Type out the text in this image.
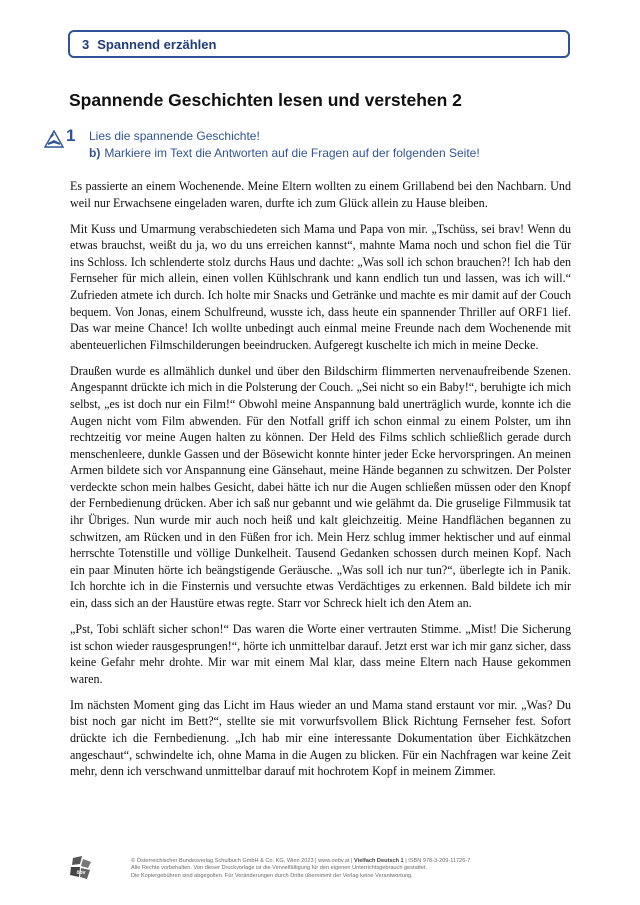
3 Spannend erzählen
Spannende Geschichten lesen und verstehen 2
1 Lies die spannende Geschichte!
b) Markiere im Text die Antworten auf die Fragen auf der folgenden Seite!

Es passierte an einem Wochenende. Meine Eltern wollten zu einem Grillabend bei den Nachbarn. Und weil nur Erwachsene eingeladen waren, durfte ich zum Glück allein zu Hause bleiben.

Mit Kuss und Umarmung verabschiedeten sich Mama und Papa von mir. „Tschüss, sei brav! Wenn du etwas brauchst, weißt du ja, wo du uns erreichen kannst“, mahnte Mama noch und schon fiel die Tür ins Schloss. Ich schlenderte stolz durchs Haus und dachte: „Was soll ich schon brauchen?! Ich hab den Fernseher für mich allein, einen vollen Kühlschrank und kann endlich tun und lassen, was ich will.“ Zufrieden atmete ich durch. Ich holte mir Snacks und Getränke und machte es mir damit auf der Couch bequem. Von Jonas, einem Schulfreund, wusste ich, dass heute ein spannender Thriller auf ORF1 lief. Das war meine Chance! Ich wollte unbedingt auch einmal meine Freunde nach dem Wochenende mit abenteuerlichen Filmschilderungen beeindrucken. Aufgeregt kuschelte ich mich in meine Decke.

Draußen wurde es allmählich dunkel und über den Bildschirm flimmerten nervenaufreibende Szenen. Angespannt drückte ich mich in die Polsterung der Couch. „Sei nicht so ein Baby!“, beruhigte ich mich selbst, „es ist doch nur ein Film!“ Obwohl meine Anspannung bald unerträglich wurde, konnte ich die Augen nicht vom Film abwenden. Für den Notfall griff ich schon einmal zu einem Polster, um ihn rechtzeitig vor meine Augen halten zu können. Der Held des Films schlich schließlich gerade durch menschenleere, dunkle Gassen und der Bösewicht konnte hinter jeder Ecke hervorspringen. An meinen Armen bildete sich vor Anspannung eine Gänsehaut, meine Hände begannen zu schwitzen. Der Polster verdeckte schon mein halbes Gesicht, dabei hätte ich nur die Augen schließen müssen oder den Knopf der Fernbedienung drücken. Aber ich saß nur gebannt und wie gelähmt da. Die gruselige Filmmusik tat ihr Übriges. Nun wurde mir auch noch heiß und kalt gleichzeitig. Meine Handflächen begannen zu schwitzen, am Rücken und in den Füßen fror ich. Mein Herz schlug immer hektischer und auf einmal herrschte Totenstille und völlige Dunkelheit. Tausend Gedanken schossen durch meinen Kopf. Nach ein paar Minuten hörte ich beängstigende Geräusche. „Was soll ich nur tun?“, überlegte ich in Panik. Ich horchte ich in die Finsternis und versuchte etwas Verdächtiges zu erkennen. Bald bildete ich mir ein, dass sich an der Haustüre etwas regte. Starr vor Schreck hielt ich den Atem an.

„Pst, Tobi schläft sicher schon!“ Das waren die Worte einer vertrauten Stimme. „Mist! Die Sicherung ist schon wieder rausgesprungen!“, hörte ich unmittelbar darauf. Jetzt erst war ich mir ganz sicher, dass keine Gefahr mehr drohte. Mir war mit einem Mal klar, dass meine Eltern nach Hause gekommen waren.

Im nächsten Moment ging das Licht im Haus wieder an und Mama stand erstaunt vor mir. „Was? Du bist noch gar nicht im Bett?“, stellte sie mit vorwurfsvollem Blick Richtung Fernseher fest. Sofort drückte ich die Fernbedienung. „Ich hab mir eine interessante Dokumentation über Eichkätzchen angeschaut“, schwindelte ich, ohne Mama in die Augen zu blicken. Für ein Nachfragen war keine Zeit mehr, denn ich verschwand unmittelbar darauf mit hochrotem Kopf in meinem Zimmer.

öbv
© Österreichischer Bundesverlag Schulbuch GmbH & Co. KG, Wien 2023 | www.oebv.at | Vielfach Deutsch 1 | ISBN 978-3-209-11726-7
Alle Rechte vorbehalten. Von dieser Druckvorlage ist die Vervielfältigung für den eigenen Unterrichtsgebrauch gestattet.
Die Kopiergebühren sind abgegolten. Für Veränderungen durch Dritte übernimmt der Verlag keine Verantwortung.
